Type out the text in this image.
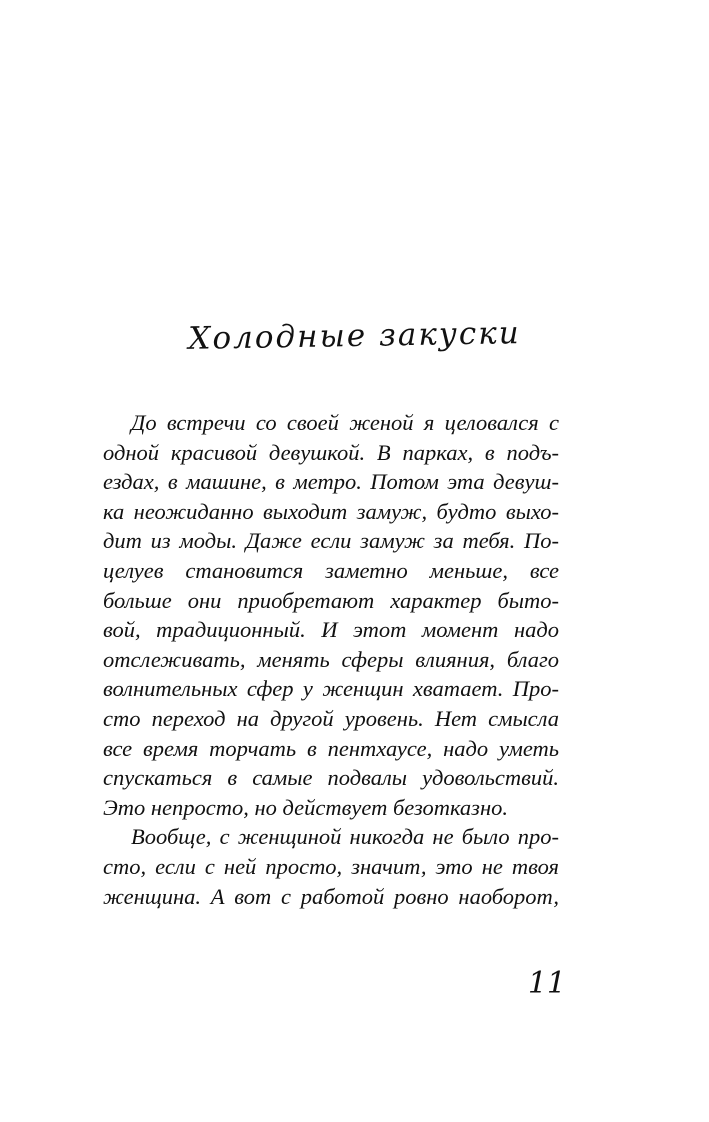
Холодные закуски
До встречи со своей женой я целовался с
одной красивой девушкой. В парках, в подъ-
ездах, в машине, в метро. Потом эта девуш-
ка неожиданно выходит замуж, будто выхо-
дит из моды. Даже если замуж за тебя. По-
целуев становится заметно меньше, все
больше они приобретают характер быто-
вой, традиционный. И этот момент надо
отслеживать, менять сферы влияния, благо
волнительных сфер у женщин хватает. Про-
сто переход на другой уровень. Нет смысла
все время торчать в пентхаусе, надо уметь
спускаться в самые подвалы удовольствий.
Это непросто, но действует безотказно.
Вообще, с женщиной никогда не было про-
сто, если с ней просто, значит, это не твоя
женщина. А вот с работой ровно наоборот,
11
